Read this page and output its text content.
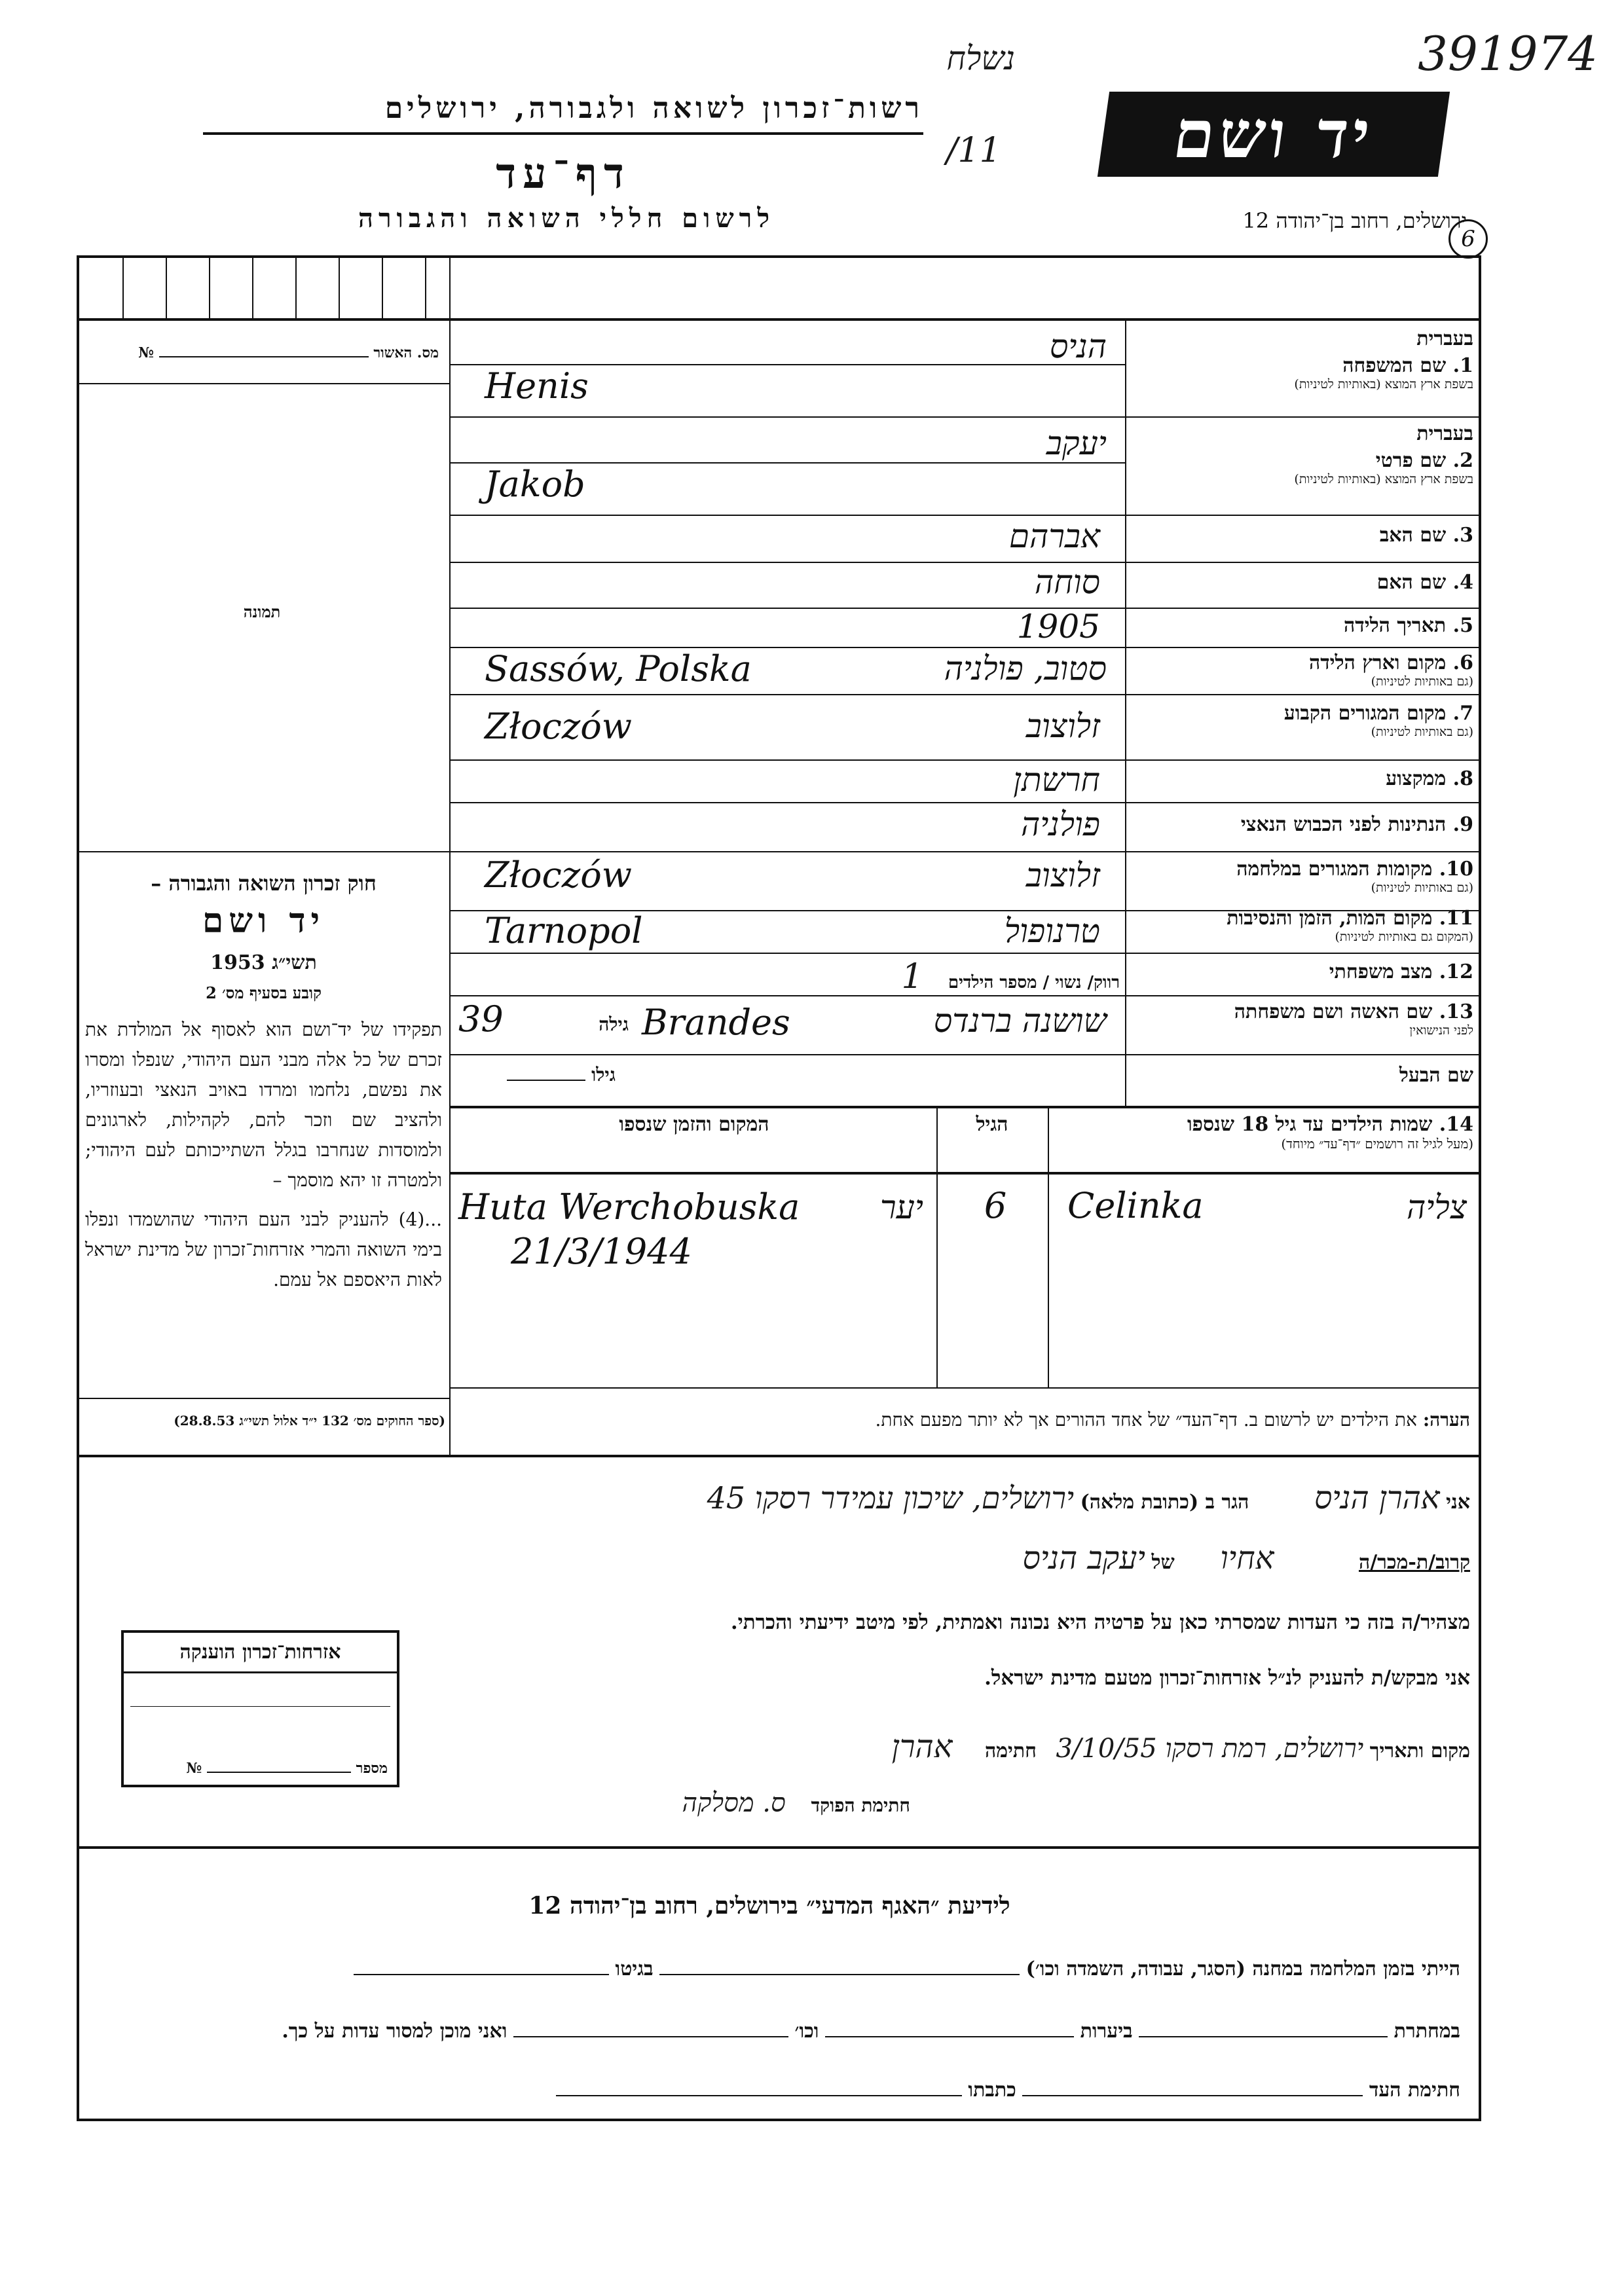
רשות־זכרון לשואה ולגבורה, ירושלים
דף־עד
לרשום חללי השואה והגבורה
יד ושם
ירושלים, רחוב בן־יהודה 12
391974
6
נשלח
/11
מס. האשור  №
תמונה
חוק זכרון השואה והגבורה –
יד ושם
תשי״ג 1953
קובע בסעיף מס׳ 2
תפקידו של יד־ושם הוא לאסוף אל המולדת את זכרם של כל אלה מבני העם היהודי, שנפלו ומסרו את נפשם, נלחמו ומרדו באויב הנאצי ובעוזריו, ולהציב שם וזכר להם, לקהילות, לארגונים ולמוסדות שנחרבו בגלל השתייכותם לעם היהודי; ולמטרה זו יהא מוסמך –
...(4) להעניק לבני העם היהודי שהושמדו ונפלו בימי השואה והמרי אזרחות־זכרון של מדינת ישראל לאות היאספם אל עמם.
(ספר החוקים מס׳ 132 י״ד אלול תשי״ג 28.8.53)
בעברית
1. שם המשפחה
בשפת ארץ המוצא (באותיות לטיניות)
בעברית
2. שם פרטי
בשפת ארץ המוצא (באותיות לטיניות)
3. שם האב
4. שם האם
5. תאריך הלידה
6. מקום וארץ הלידה
(גם באותיות לטיניות)
7. מקום המגורים הקבוע
(גם באותיות לטיניות)
8. ממקצוע
9. הנתינות לפני הכבוש הנאצי
10. מקומות המגורים במלחמה
(גם באותיות לטיניות)
11. מקום המות, הזמן והנסיבות
(המקום גם באותיות לטיניות)
12. מצב משפחתי
13. שם האשה ושם משפחתה
לפני הנישואין
שם הבעל
הניס
Henis
יעקב
Jakob
אברהם
סוחה
1905
סטוב, פולניה
Sassów, Polska
זלוצוב
Złoczów
חרשתן
פולניה
זלוצוב
Złoczów
טרנופול
Tarnopol
רווק/ נשוי / מספר הילדים 1
שושנה ברנדס
Brandes
גילה
39
גילו
14. שמות הילדים עד גיל 18 שנספו
(מעל לגיל זה רושמים ״דף־עד״ מיוחד)
הגיל
המקום והזמן שנספו
צליה
Celinka
6
Huta Werchobuska	יער
21/3/1944
הערה: את הילדים יש לרשום ב. דף־העד״ של אחד ההורים אך לא יותר מפעם אחת.
אני אהרן הניס הגר ב (כתובת מלאה) ירושלים, שיכון עמידר רסקו 45
קרוב/ת-מכר/ה אחיו של יעקב הניס
מצהיר/ה בזה כי העדות שמסרתי כאן על פרטיה היא נכונה ואמתית, לפי מיטב ידיעתי והכרתי.
אני מבקש/ת להעניק לנ״ל אזרחות־זכרון מטעם מדינת ישראל.
מקום ותאריך ירושלים, רמת רסקו 3/10/55 חתימה אהרן
חתימת הפוקד ס. מסלקה
אזרחות־זכרון הוענקה
מספר  №
לידיעת ״האגף המדעי״ בירושלים, רחוב בן־יהודה 12
הייתי בזמן המלחמה במחנה (הסגר, עבודה, השמדה וכו׳)  בגיטו
במחתרת  ביערות  וכו׳  ואני מוכן למסור עדות על כך.
חתימת העד  כתבתו
